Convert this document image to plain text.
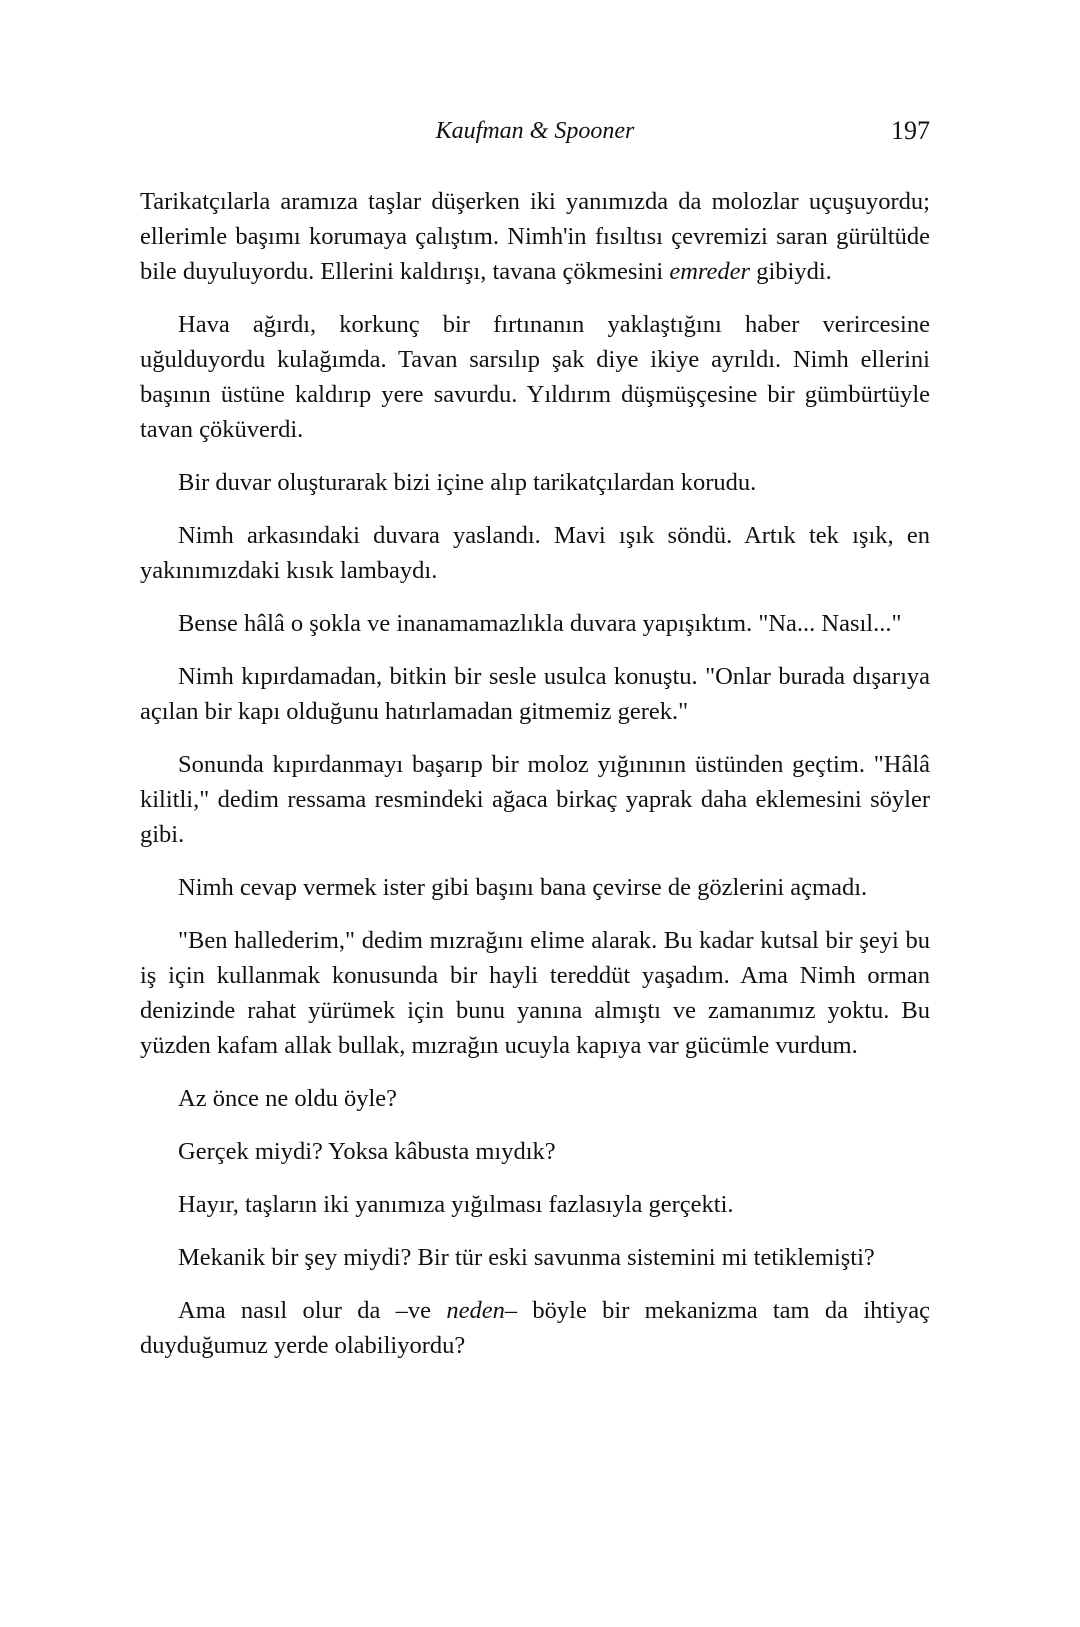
Kaufman & Spooner	197

Tarikatçılarla aramıza taşlar düşerken iki yanımızda da molozlar uçuşuyordu; ellerimle başımı korumaya çalıştım. Nimh'in fısıltısı çevremizi saran gürültüde bile duyuluyordu. Ellerini kaldırışı, tavana çökmesini emreder gibiydi.

Hava ağırdı, korkunç bir fırtınanın yaklaştığını haber verircesine uğulduyordu kulağımda. Tavan sarsılıp şak diye ikiye ayrıldı. Nimh ellerini başının üstüne kaldırıp yere savurdu. Yıldırım düşmüşçesine bir gümbürtüyle tavan çöküverdi.

Bir duvar oluşturarak bizi içine alıp tarikatçılardan korudu.

Nimh arkasındaki duvara yaslandı. Mavi ışık söndü. Artık tek ışık, en yakınımızdaki kısık lambaydı.

Bense hâlâ o şokla ve inanamamazlıkla duvara yapışıktım. "Na... Nasıl..."

Nimh kıpırdamadan, bitkin bir sesle usulca konuştu. "Onlar burada dışarıya açılan bir kapı olduğunu hatırlamadan gitmemiz gerek."

Sonunda kıpırdanmayı başarıp bir moloz yığınının üstünden geçtim. "Hâlâ kilitli," dedim ressama resmindeki ağaca birkaç yaprak daha eklemesini söyler gibi.

Nimh cevap vermek ister gibi başını bana çevirse de gözlerini açmadı.

"Ben hallederim," dedim mızrağını elime alarak. Bu kadar kutsal bir şeyi bu iş için kullanmak konusunda bir hayli tereddüt yaşadım. Ama Nimh orman denizinde rahat yürümek için bunu yanına almıştı ve zamanımız yoktu. Bu yüzden kafam allak bullak, mızrağın ucuyla kapıya var gücümle vurdum.

Az önce ne oldu öyle?

Gerçek miydi? Yoksa kâbusta mıydık?

Hayır, taşların iki yanımıza yığılması fazlasıyla gerçekti.

Mekanik bir şey miydi? Bir tür eski savunma sistemini mi tetiklemişti?

Ama nasıl olur da –ve neden– böyle bir mekanizma tam da ihtiyaç duyduğumuz yerde olabiliyordu?
